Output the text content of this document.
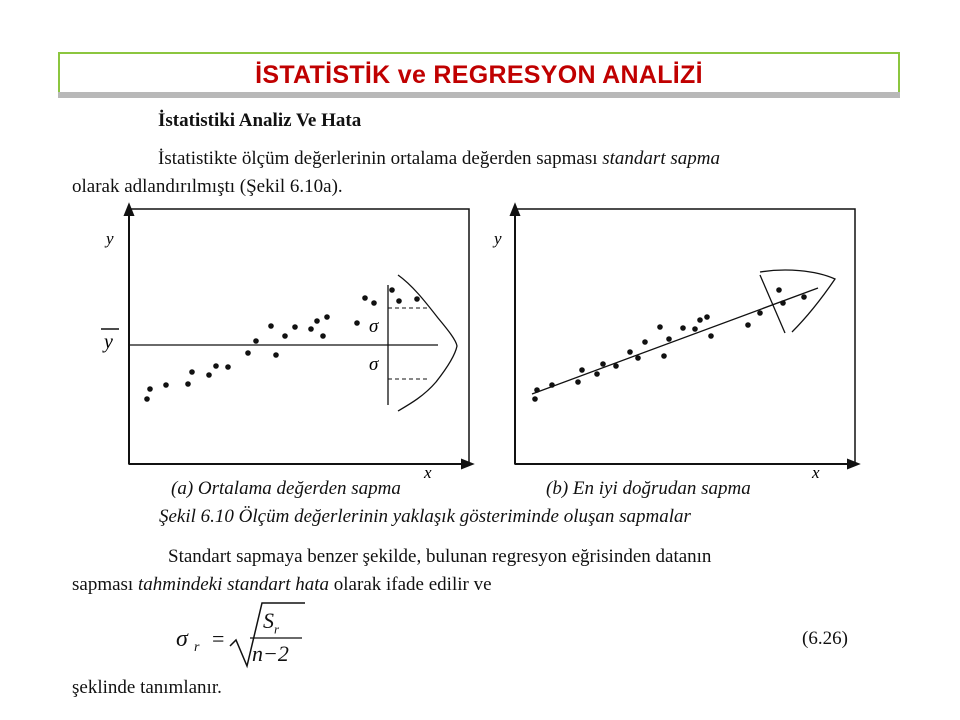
İSTATİSTİK ve REGRESYON ANALİZİ
İstatistiki Analiz Ve Hata
İstatistikte ölçüm değerlerinin ortalama değerden sapması standart sapma
olarak adlandırılmıştı (Şekil 6.10a).
y
x
y
σ
σ
y
x
(a) Ortalama değerden sapma	(b) En iyi doğrudan sapma
Şekil 6.10 Ölçüm değerlerinin yaklaşık gösteriminde oluşan sapmalar
Standart sapmaya benzer şekilde, bulunan regresyon eğrisinden datanın
sapması tahmindeki standart hata olarak ifade edilir ve
σ r =
$S_r$
n−2
(6.26)
şeklinde tanımlanır.
